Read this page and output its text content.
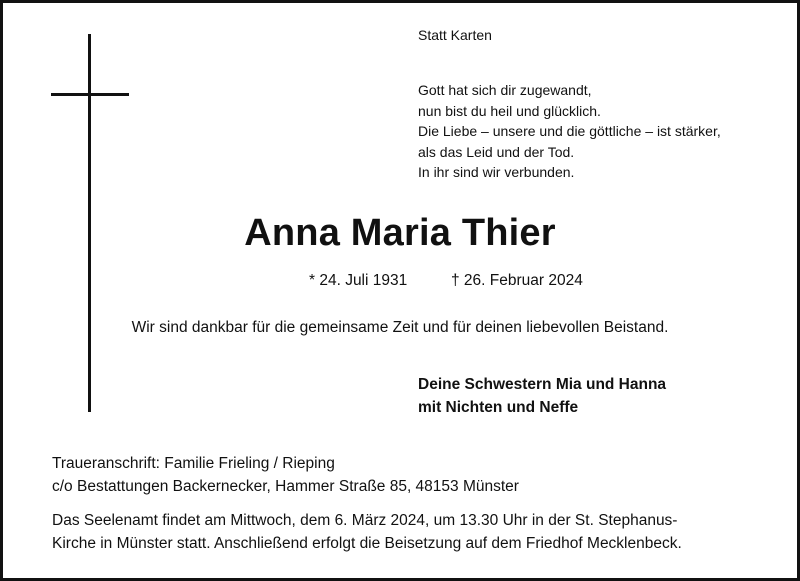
Statt Karten
Gott hat sich dir zugewandt,
nun bist du heil und glücklich.
Die Liebe – unsere und die göttliche – ist stärker,
als das Leid und der Tod.
In ihr sind wir verbunden.
Anna Maria Thier
* 24. Juli 1931	† 26. Februar 2024
Wir sind dankbar für die gemeinsame Zeit und für deinen liebevollen Beistand.
Deine Schwestern Mia und Hanna
mit Nichten und Neffe
Traueranschrift: Familie Frieling / Rieping
c/o Bestattungen Backernecker, Hammer Straße 85, 48153 Münster
Das Seelenamt findet am Mittwoch, dem 6. März 2024, um 13.30 Uhr in der St. Stephanus-
Kirche in Münster statt. Anschließend erfolgt die Beisetzung auf dem Friedhof Mecklenbeck.
